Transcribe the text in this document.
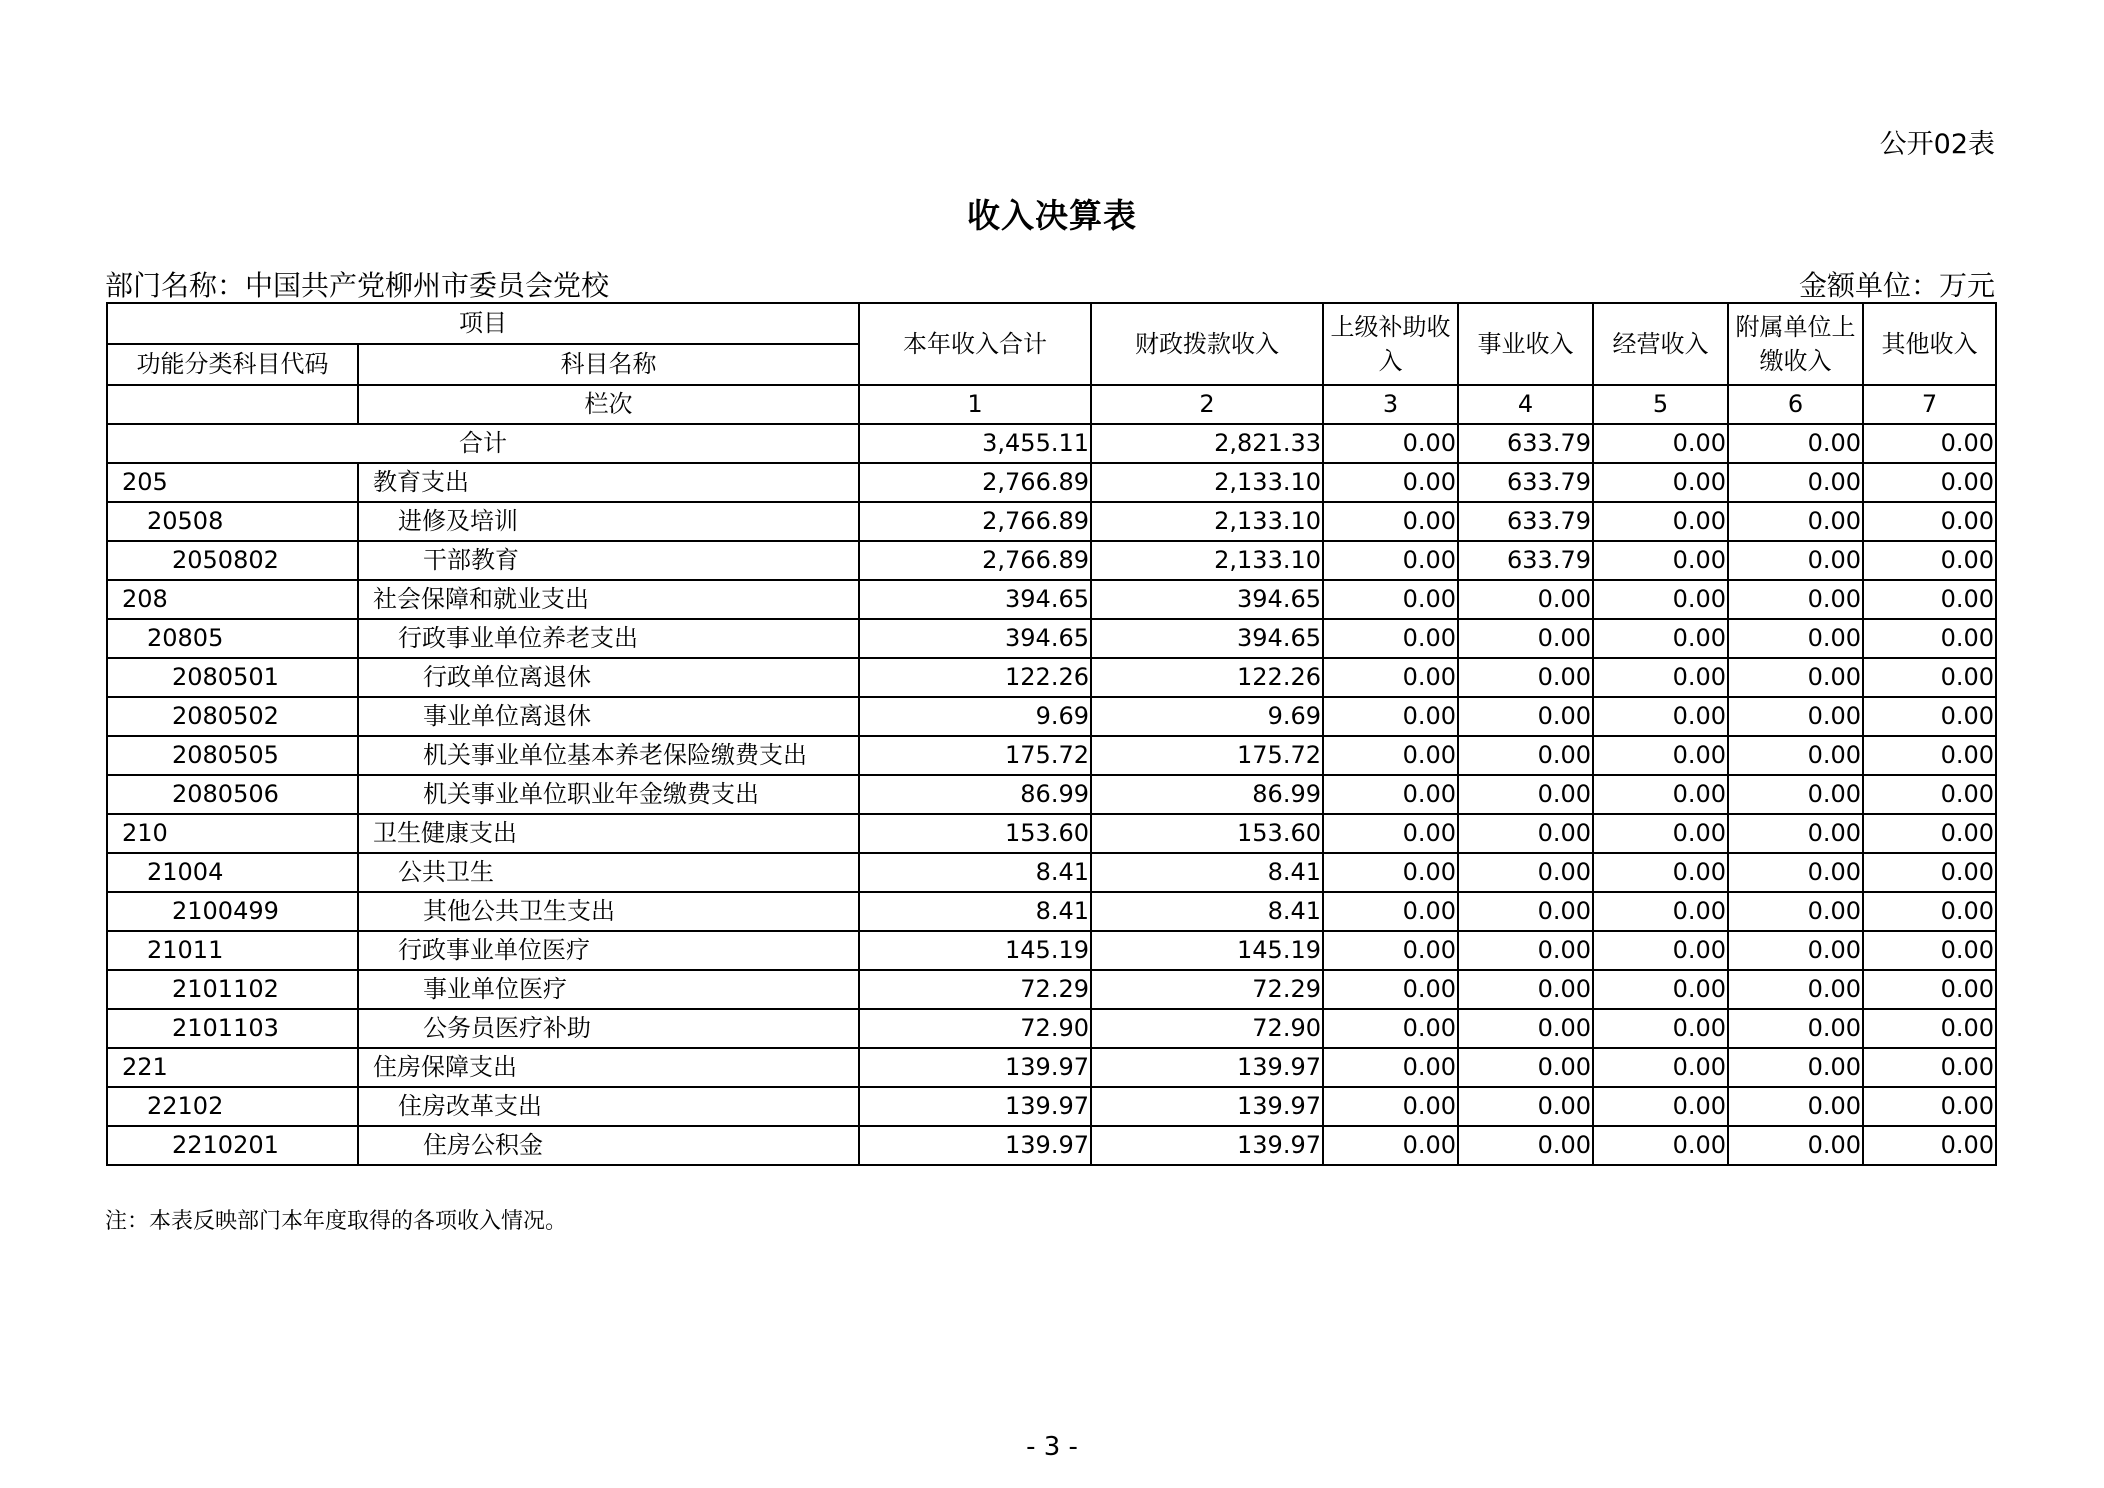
公开02表
收入决算表
部门名称：中国共产党柳州市委员会党校	金额单位：万元
项目		本年收入合计	财政拨款收入	上级补助收入	事业收入	经营收入	附属单位上缴收入	其他收入
功能分类科目代码	科目名称							
	栏次	1	2	3	4	5	6	7
合计		3,455.11	2,821.33	0.00	633.79	0.00	0.00	0.00
205	教育支出	2,766.89	2,133.10	0.00	633.79	0.00	0.00	0.00
20508	进修及培训	2,766.89	2,133.10	0.00	633.79	0.00	0.00	0.00
2050802	干部教育	2,766.89	2,133.10	0.00	633.79	0.00	0.00	0.00
208	社会保障和就业支出	394.65	394.65	0.00	0.00	0.00	0.00	0.00
20805	行政事业单位养老支出	394.65	394.65	0.00	0.00	0.00	0.00	0.00
2080501	行政单位离退休	122.26	122.26	0.00	0.00	0.00	0.00	0.00
2080502	事业单位离退休	9.69	9.69	0.00	0.00	0.00	0.00	0.00
2080505	机关事业单位基本养老保险缴费支出	175.72	175.72	0.00	0.00	0.00	0.00	0.00
2080506	机关事业单位职业年金缴费支出	86.99	86.99	0.00	0.00	0.00	0.00	0.00
210	卫生健康支出	153.60	153.60	0.00	0.00	0.00	0.00	0.00
21004	公共卫生	8.41	8.41	0.00	0.00	0.00	0.00	0.00
2100499	其他公共卫生支出	8.41	8.41	0.00	0.00	0.00	0.00	0.00
21011	行政事业单位医疗	145.19	145.19	0.00	0.00	0.00	0.00	0.00
2101102	事业单位医疗	72.29	72.29	0.00	0.00	0.00	0.00	0.00
2101103	公务员医疗补助	72.90	72.90	0.00	0.00	0.00	0.00	0.00
221	住房保障支出	139.97	139.97	0.00	0.00	0.00	0.00	0.00
22102	住房改革支出	139.97	139.97	0.00	0.00	0.00	0.00	0.00
2210201	住房公积金	139.97	139.97	0.00	0.00	0.00	0.00	0.00
注：本表反映部门本年度取得的各项收入情况。
- 3 -
